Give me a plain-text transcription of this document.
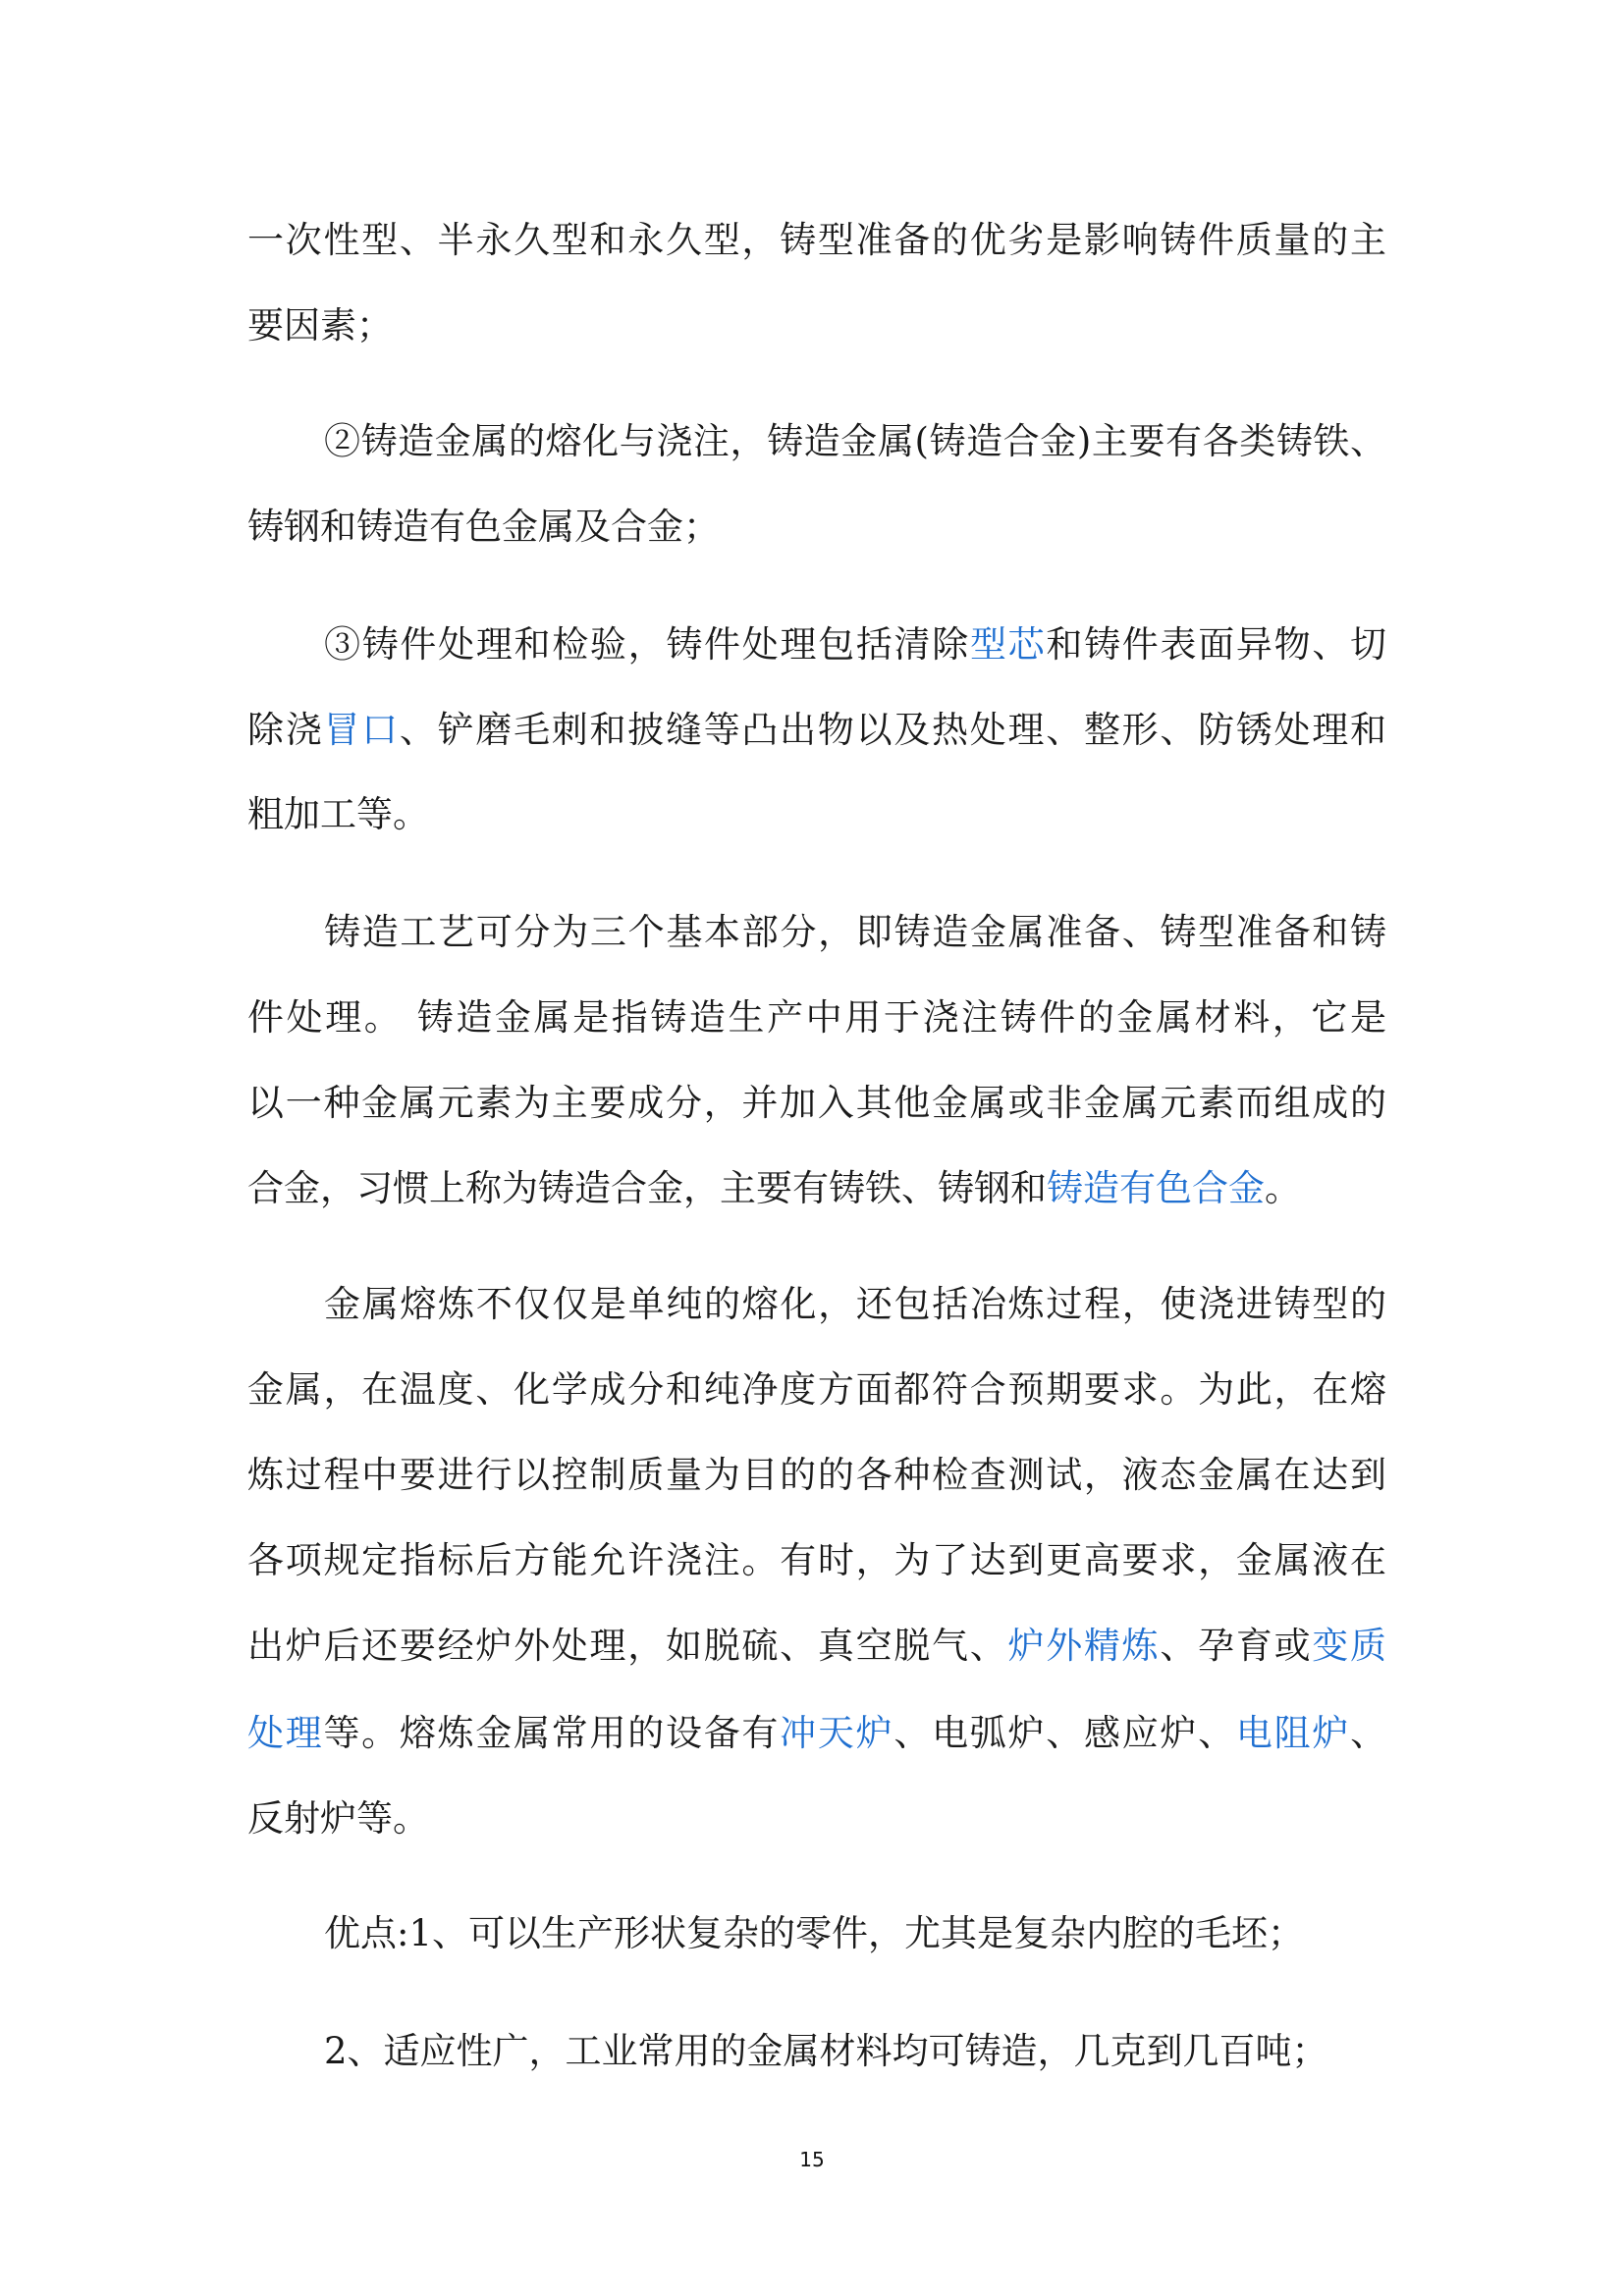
一次性型、半永久型和永久型，铸型准备的优劣是影响铸件质量的主
要因素；
②铸造金属的熔化与浇注，铸造金属(铸造合金)主要有各类铸铁、
铸钢和铸造有色金属及合金；
③铸件处理和检验，铸件处理包括清除型芯和铸件表面异物、切
除浇冒口、铲磨毛刺和披缝等凸出物以及热处理、整形、防锈处理和
粗加工等。
铸造工艺可分为三个基本部分，即铸造金属准备、铸型准备和铸
件处理。 铸造金属是指铸造生产中用于浇注铸件的金属材料，它是
以一种金属元素为主要成分，并加入其他金属或非金属元素而组成的
合金，习惯上称为铸造合金，主要有铸铁、铸钢和铸造有色合金。
金属熔炼不仅仅是单纯的熔化，还包括冶炼过程，使浇进铸型的
金属，在温度、化学成分和纯净度方面都符合预期要求。为此，在熔
炼过程中要进行以控制质量为目的的各种检查测试，液态金属在达到
各项规定指标后方能允许浇注。有时，为了达到更高要求，金属液在
出炉后还要经炉外处理，如脱硫、真空脱气、炉外精炼、孕育或变质
处理等。熔炼金属常用的设备有冲天炉、电弧炉、感应炉、电阻炉、
反射炉等。
优点:1、可以生产形状复杂的零件，尤其是复杂内腔的毛坯；
2、适应性广，工业常用的金属材料均可铸造，几克到几百吨；
15
